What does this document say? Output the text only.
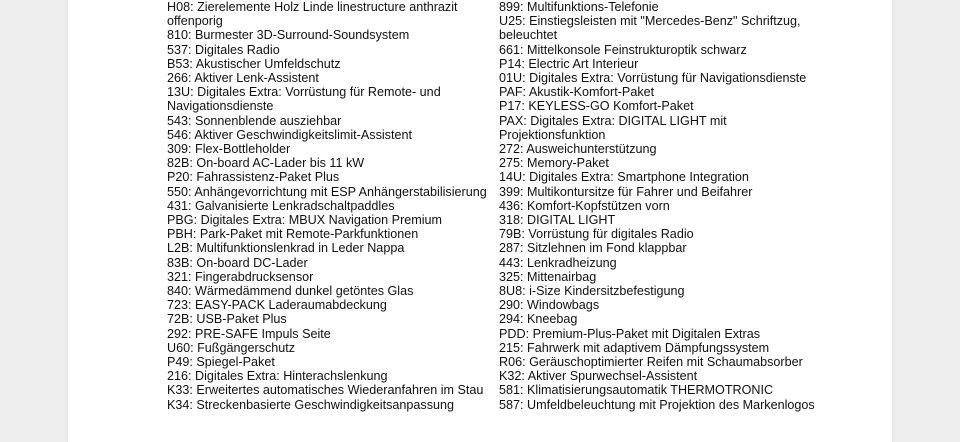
H08: Zierelemente Holz Linde linestructure anthrazit offenporig
810: Burmester 3D-Surround-Soundsystem
537: Digitales Radio
B53: Akustischer Umfeldschutz
266: Aktiver Lenk-Assistent
13U: Digitales Extra: Vorrüstung für Remote- und Navigationsdienste
543: Sonnenblende ausziehbar
546: Aktiver Geschwindigkeitslimit-Assistent
309: Flex-Bottleholder
82B: On-board AC-Lader bis 11 kW
P20: Fahrassistenz-Paket Plus
550: Anhängevorrichtung mit ESP Anhängerstabilisierung
431: Galvanisierte Lenkradschaltpaddles
PBG: Digitales Extra: MBUX Navigation Premium
PBH: Park-Paket mit Remote-Parkfunktionen
L2B: Multifunktionslenkrad in Leder Nappa
83B: On-board DC-Lader
321: Fingerabdrucksensor
840: Wärmedämmend dunkel getöntes Glas
723: EASY-PACK Laderaumabdeckung
72B: USB-Paket Plus
292: PRE-SAFE Impuls Seite
U60: Fußgängerschutz
P49: Spiegel-Paket
216: Digitales Extra: Hinterachslenkung
K33: Erweitertes automatisches Wiederanfahren im Stau
K34: Streckenbasierte Geschwindigkeitsanpassung
899: Multifunktions-Telefonie
U25: Einstiegsleisten mit "Mercedes-Benz" Schriftzug, beleuchtet
661: Mittelkonsole Feinstrukturoptik schwarz
P14: Electric Art Interieur
01U: Digitales Extra: Vorrüstung für Navigationsdienste
PAF: Akustik-Komfort-Paket
P17: KEYLESS-GO Komfort-Paket
PAX: Digitales Extra: DIGITAL LIGHT mit Projektionsfunktion
272: Ausweichunterstützung
275: Memory-Paket
14U: Digitales Extra: Smartphone Integration
399: Multikontursitze für Fahrer und Beifahrer
436: Komfort-Kopfstützen vorn
318: DIGITAL LIGHT
79B: Vorrüstung für digitales Radio
287: Sitzlehnen im Fond klappbar
443: Lenkradheizung
325: Mittenairbag
8U8: i-Size Kindersitzbefestigung
290: Windowbags
294: Kneebag
PDD: Premium-Plus-Paket mit Digitalen Extras
215: Fahrwerk mit adaptivem Dämpfungssystem
R06: Geräuschoptimierter Reifen mit Schaumabsorber
K32: Aktiver Spurwechsel-Assistent
581: Klimatisierungsautomatik THERMOTRONIC
587: Umfeldbeleuchtung mit Projektion des Markenlogos
